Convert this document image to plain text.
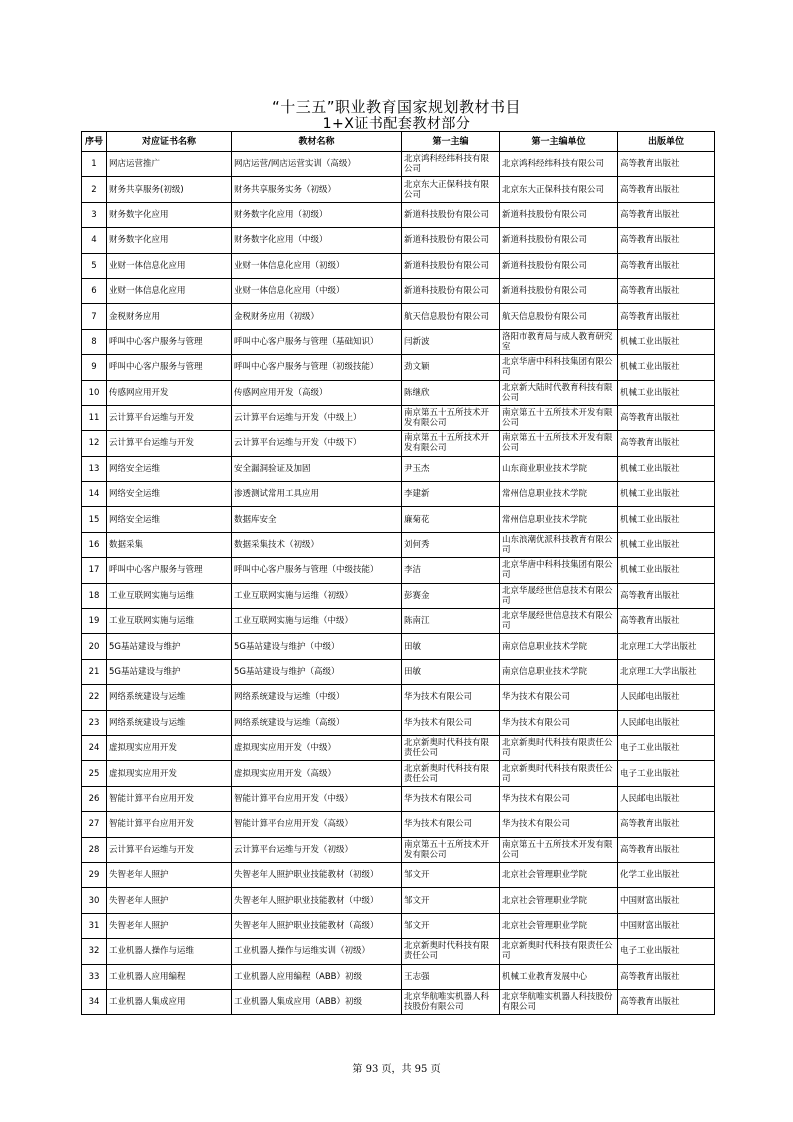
“十三五”职业教育国家规划教材书目
1+X证书配套教材部分
序号	对应证书名称	教材名称	第一主编	第一主编单位	出版单位
1	网店运营推广	网店运营/网店运营实训（高级）	北京鸿科经纬科技有限公司	北京鸿科经纬科技有限公司	高等教育出版社
2	财务共享服务(初级)	财务共享服务实务（初级）	北京东大正保科技有限公司	北京东大正保科技有限公司	高等教育出版社
3	财务数字化应用	财务数字化应用（初级）	新道科技股份有限公司	新道科技股份有限公司	高等教育出版社
4	财务数字化应用	财务数字化应用（中级）	新道科技股份有限公司	新道科技股份有限公司	高等教育出版社
5	业财一体信息化应用	业财一体信息化应用（初级）	新道科技股份有限公司	新道科技股份有限公司	高等教育出版社
6	业财一体信息化应用	业财一体信息化应用（中级）	新道科技股份有限公司	新道科技股份有限公司	高等教育出版社
7	金税财务应用	金税财务应用（初级）	航天信息股份有限公司	航天信息股份有限公司	高等教育出版社
8	呼叫中心客户服务与管理	呼叫中心客户服务与管理（基础知识）	闫新波	洛阳市教育局与成人教育研究室	机械工业出版社
9	呼叫中心客户服务与管理	呼叫中心客户服务与管理（初级技能）	劲文颖	北京华唐中科科技集团有限公司	机械工业出版社
10	传感网应用开发	传感网应用开发（高级）	陈继欣	北京新大陆时代教育科技有限公司	机械工业出版社
11	云计算平台运维与开发	云计算平台运维与开发（中级上）	南京第五十五所技术开发有限公司	南京第五十五所技术开发有限公司	高等教育出版社
12	云计算平台运维与开发	云计算平台运维与开发（中级下）	南京第五十五所技术开发有限公司	南京第五十五所技术开发有限公司	高等教育出版社
13	网络安全运维	安全漏洞验证及加固	尹玉杰	山东商业职业技术学院	机械工业出版社
14	网络安全运维	渗透测试常用工具应用	李建新	常州信息职业技术学院	机械工业出版社
15	网络安全运维	数据库安全	廉菊花	常州信息职业技术学院	机械工业出版社
16	数据采集	数据采集技术（初级）	刘何秀	山东浪潮优派科技教育有限公司	机械工业出版社
17	呼叫中心客户服务与管理	呼叫中心客户服务与管理（中级技能）	李洁	北京华唐中科科技集团有限公司	机械工业出版社
18	工业互联网实施与运维	工业互联网实施与运维（初级）	彭赛金	北京华晟经世信息技术有限公司	高等教育出版社
19	工业互联网实施与运维	工业互联网实施与运维（中级）	陈南江	北京华晟经世信息技术有限公司	高等教育出版社
20	5G基站建设与维护	5G基站建设与维护（中级）	田敏	南京信息职业技术学院	北京理工大学出版社
21	5G基站建设与维护	5G基站建设与维护（高级）	田敏	南京信息职业技术学院	北京理工大学出版社
22	网络系统建设与运维	网络系统建设与运维（中级）	华为技术有限公司	华为技术有限公司	人民邮电出版社
23	网络系统建设与运维	网络系统建设与运维（高级）	华为技术有限公司	华为技术有限公司	人民邮电出版社
24	虚拟现实应用开发	虚拟现实应用开发（中级）	北京新奥时代科技有限责任公司	北京新奥时代科技有限责任公司	电子工业出版社
25	虚拟现实应用开发	虚拟现实应用开发（高级）	北京新奥时代科技有限责任公司	北京新奥时代科技有限责任公司	电子工业出版社
26	智能计算平台应用开发	智能计算平台应用开发（中级）	华为技术有限公司	华为技术有限公司	人民邮电出版社
27	智能计算平台应用开发	智能计算平台应用开发（高级）	华为技术有限公司	华为技术有限公司	高等教育出版社
28	云计算平台运维与开发	云计算平台运维与开发（初级）	南京第五十五所技术开发有限公司	南京第五十五所技术开发有限公司	高等教育出版社
29	失智老年人照护	失智老年人照护职业技能教材（初级）	邹文开	北京社会管理职业学院	化学工业出版社
30	失智老年人照护	失智老年人照护职业技能教材（中级）	邹文开	北京社会管理职业学院	中国财富出版社
31	失智老年人照护	失智老年人照护职业技能教材（高级）	邹文开	北京社会管理职业学院	中国财富出版社
32	工业机器人操作与运维	工业机器人操作与运维实训（初级）	北京新奥时代科技有限责任公司	北京新奥时代科技有限责任公司	电子工业出版社
33	工业机器人应用编程	工业机器人应用编程（ABB）初级	王志强	机械工业教育发展中心	高等教育出版社
34	工业机器人集成应用	工业机器人集成应用（ABB）初级	北京华航唯实机器人科技股份有限公司	北京华航唯实机器人科技股份有限公司	高等教育出版社
第 93 页，共 95 页
